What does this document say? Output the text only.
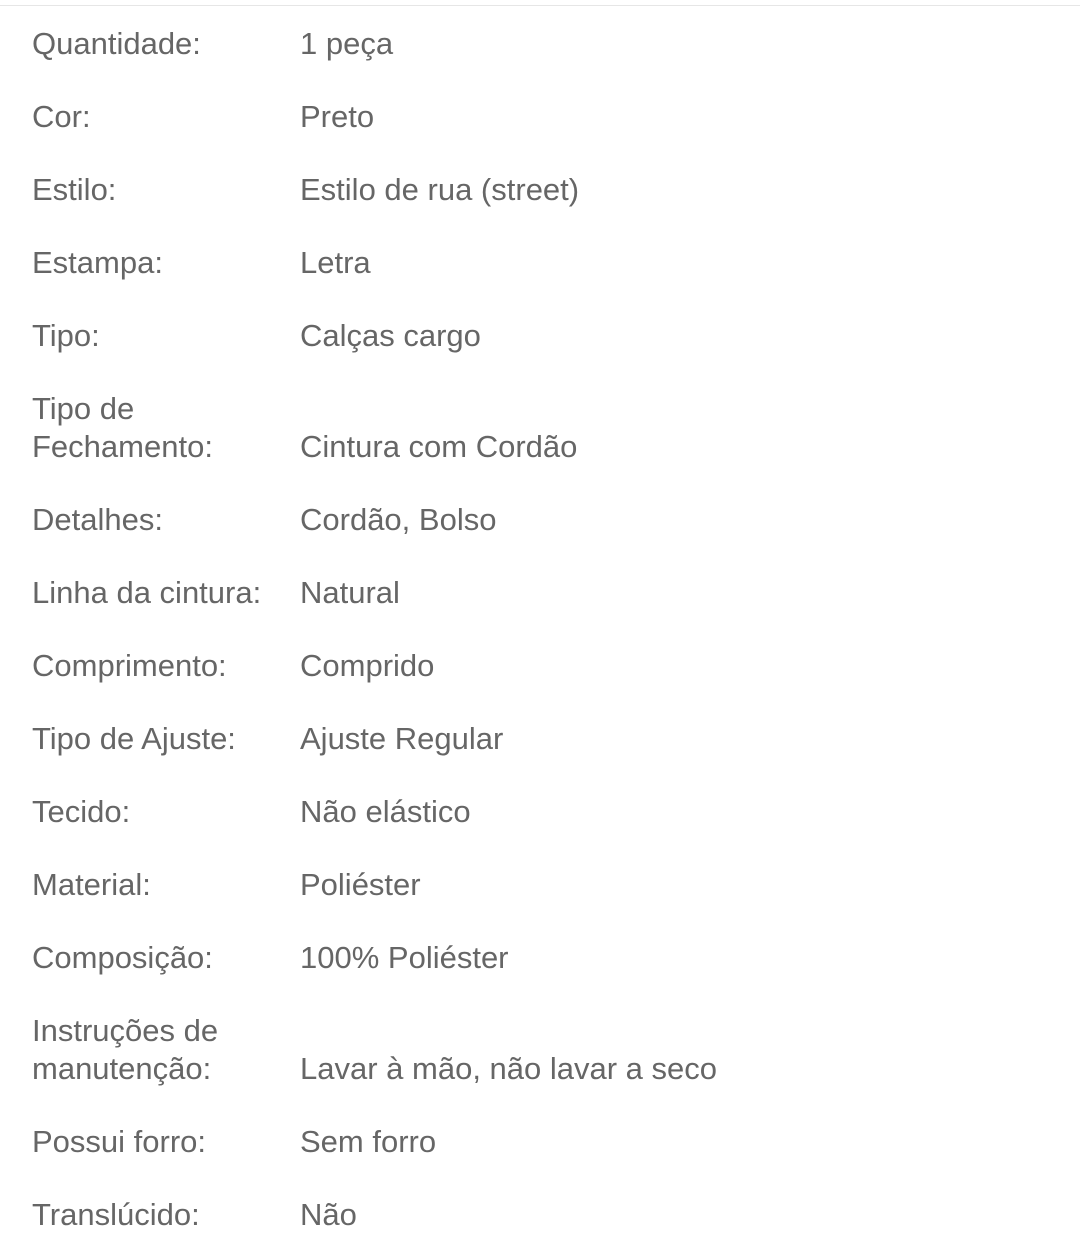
Quantidade:	1 peça
Cor:	Preto
Estilo:	Estilo de rua (street)
Estampa:	Letra
Tipo:	Calças cargo
Tipo de
Fechamento:	Cintura com Cordão
Detalhes:	Cordão, Bolso
Linha da cintura:	Natural
Comprimento:	Comprido
Tipo de Ajuste:	Ajuste Regular
Tecido:	Não elástico
Material:	Poliéster
Composição:	100% Poliéster
Instruções de
manutenção:	Lavar à mão, não lavar a seco
Possui forro:	Sem forro
Translúcido:	Não
